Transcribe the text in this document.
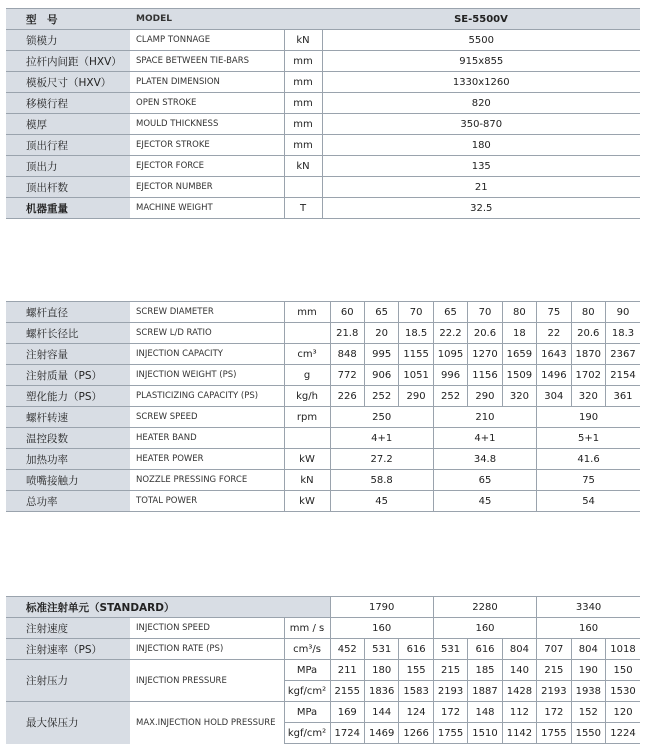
型　号	MODEL		SE-5500V
锁模力	CLAMP TONNAGE	kN	5500
拉杆内间距（HXV）	SPACE BETWEEN TIE-BARS	mm	915x855
模板尺寸（HXV）	PLATEN DIMENSION	mm	1330x1260
移模行程	OPEN STROKE	mm	820
模厚	MOULD THICKNESS	mm	350-870
顶出行程	EJECTOR STROKE	mm	180
顶出力	EJECTOR FORCE	kN	135
顶出杆数	EJECTOR NUMBER		21
机器重量	MACHINE WEIGHT	T	32.5
螺杆直径	SCREW DIAMETER	mm	60	65	70	65	70	80	75	80	90
螺杆长径比	SCREW L/D RATIO		21.8	20	18.5	22.2	20.6	18	22	20.6	18.3
注射容量	INJECTION CAPACITY	cm³	848	995	1155	1095	1270	1659	1643	1870	2367
注射质量（PS）	INJECTION WEIGHT (PS)	g	772	906	1051	996	1156	1509	1496	1702	2154
塑化能力（PS）	PLASTICIZING CAPACITY (PS)	kg/h	226	252	290	252	290	320	304	320	361
螺杆转速	SCREW SPEED	rpm	250			210			190		
温控段数	HEATER BAND		4+1			4+1			5+1		
加热功率	HEATER POWER	kW	27.2			34.8			41.6		
喷嘴接触力	NOZZLE PRESSING FORCE	kN	58.8			65			75		
总功率	TOTAL POWER	kW	45			45			54		
标准注射单元（STANDARD）			1790			2280			3340		
注射速度	INJECTION SPEED	mm / s	160			160			160		
注射速率（PS）	INJECTION RATE (PS)	cm³/s	452	531	616	531	616	804	707	804	1018
注射压力	INJECTION PRESSURE	MPa	211	180	155	215	185	140	215	190	150
		kgf/cm²	2155	1836	1583	2193	1887	1428	2193	1938	1530
最大保压力	MAX.INJECTION HOLD PRESSURE	MPa	169	144	124	172	148	112	172	152	120
		kgf/cm²	1724	1469	1266	1755	1510	1142	1755	1550	1224
